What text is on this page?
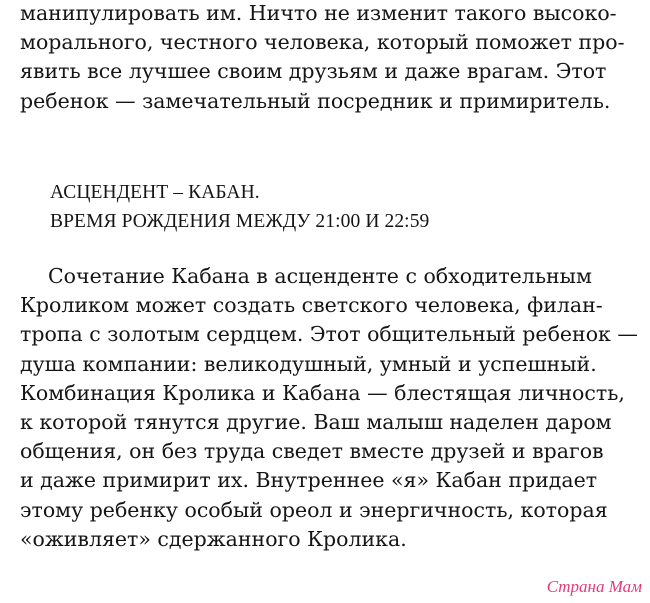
манипулировать им. Ничто не изменит такого высоко-
морального, честного человека, который поможет про-
явить все лучшее своим друзьям и даже врагам. Этот
ребенок — замечательный посредник и примиритель.

АСЦЕНДЕНТ – КАБАН.
ВРЕМЯ РОЖДЕНИЯ МЕЖДУ 21:00 И 22:59

Сочетание Кабана в асценденте с обходительным
Кроликом может создать светского человека, филан-
тропа с золотым сердцем. Этот общительный ребенок —
душа компании: великодушный, умный и успешный.
Комбинация Кролика и Кабана — блестящая личность,
к которой тянутся другие. Ваш малыш наделен даром
общения, он без труда сведет вместе друзей и врагов
и даже примирит их. Внутреннее «я» Кабан придает
этому ребенку особый ореол и энергичность, которая
«оживляет» сдержанного Кролика.

Страна Мам
